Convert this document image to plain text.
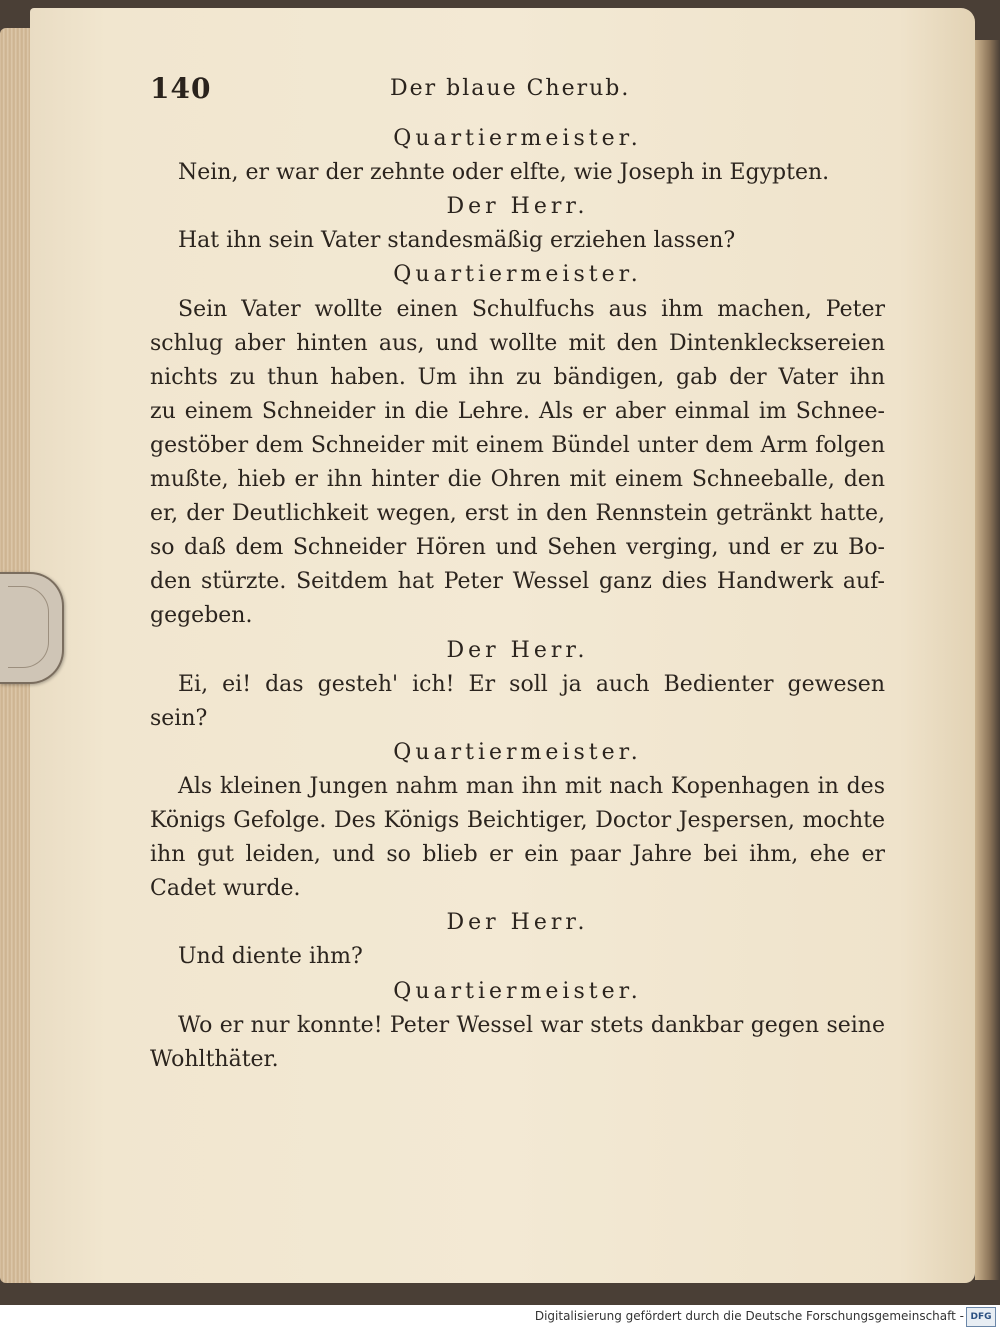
140	Der blaue Cherub.
Quartiermeister.
Nein, er war der zehnte oder elfte, wie Joseph in Egypten.
Der Herr.
Hat ihn sein Vater standesmäßig erziehen lassen?
Quartiermeister.
Sein Vater wollte einen Schulfuchs aus ihm machen, Peter
schlug aber hinten aus, und wollte mit den Dintenklecksereien
nichts zu thun haben. Um ihn zu bändigen, gab der Vater ihn
zu einem Schneider in die Lehre. Als er aber einmal im Schnee-
gestöber dem Schneider mit einem Bündel unter dem Arm folgen
mußte, hieb er ihn hinter die Ohren mit einem Schneeballe, den
er, der Deutlichkeit wegen, erst in den Rennstein getränkt hatte,
so daß dem Schneider Hören und Sehen verging, und er zu Bo-
den stürzte. Seitdem hat Peter Wessel ganz dies Handwerk auf-
gegeben.
Der Herr.
Ei, ei! das gesteh' ich! Er soll ja auch Bedienter gewesen
sein?
Quartiermeister.
Als kleinen Jungen nahm man ihn mit nach Kopenhagen in des
Königs Gefolge. Des Königs Beichtiger, Doctor Jespersen, mochte
ihn gut leiden, und so blieb er ein paar Jahre bei ihm, ehe er
Cadet wurde.
Der Herr.
Und diente ihm?
Quartiermeister.
Wo er nur konnte! Peter Wessel war stets dankbar gegen seine
Wohlthäter.
Digitalisierung gefördert durch die Deutsche Forschungsgemeinschaft - DFG
